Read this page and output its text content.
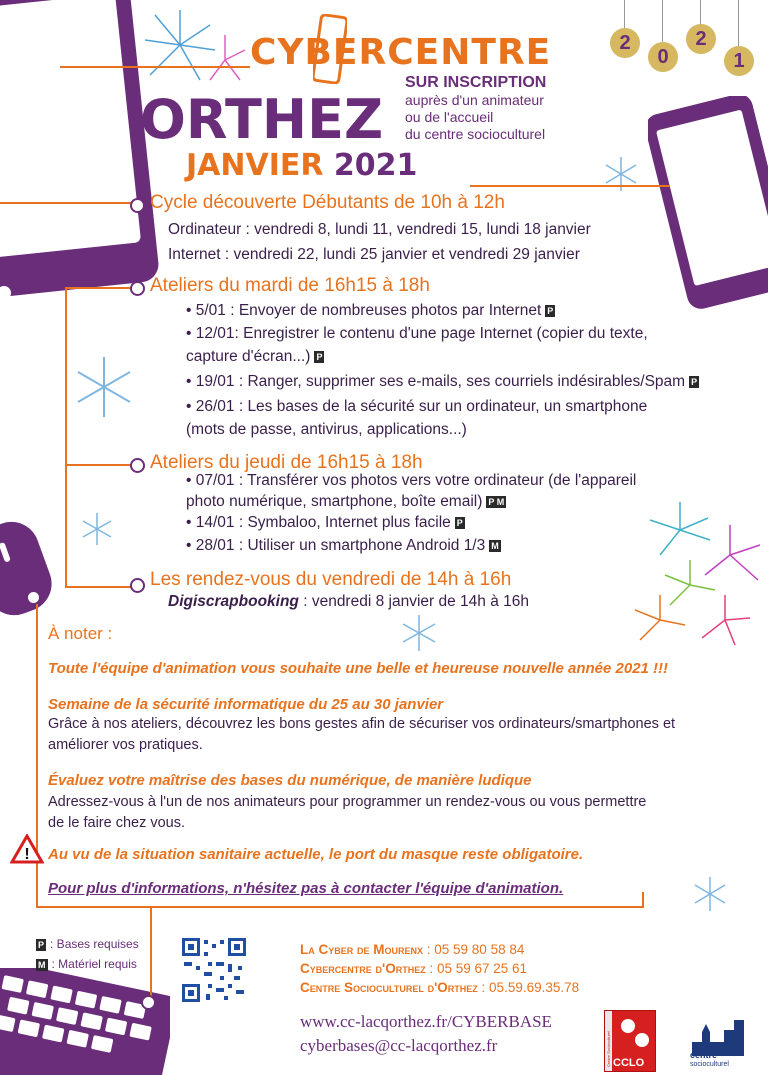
2
0
2
1
CYBERCENTRE
SUR INSCRIPTION
auprès d'un animateur
ou de l'accueil
du centre socioculturel
ORTHEZ
JANVIER 2021
Cycle découverte Débutants de 10h à 12h
Ordinateur : vendredi 8, lundi 11, vendredi 15, lundi 18 janvier
Internet : vendredi 22, lundi 25 janvier et vendredi 29 janvier
Ateliers du mardi de 16h15 à 18h
• 5/01 : Envoyer de nombreuses photos par Internet P
• 12/01: Enregistrer le contenu d'une page Internet (copier du texte,
capture d'écran...) P
• 19/01 : Ranger, supprimer ses e-mails, ses courriels indésirables/Spam P
• 26/01 : Les bases de la sécurité sur un ordinateur, un smartphone
(mots de passe, antivirus, applications...)
Ateliers du jeudi de 16h15 à 18h
• 07/01 : Transférer vos photos vers votre ordinateur (de l'appareil
photo numérique, smartphone, boîte email) P M
• 14/01 : Symbaloo, Internet plus facile P
• 28/01 : Utiliser un smartphone Android 1/3 M
Les rendez-vous du vendredi de 14h à 16h
Digiscrapbooking : vendredi 8 janvier de 14h à 16h
À noter :
Toute l'équipe d'animation vous souhaite une belle et heureuse nouvelle année 2021 !!!
Semaine de la sécurité informatique du 25 au 30 janvier
Grâce à nos ateliers, découvrez les bons gestes afin de sécuriser vos ordinateurs/smartphones et
améliorer vos pratiques.
Évaluez votre maîtrise des bases du numérique, de manière ludique
Adressez-vous à l'un de nos animateurs pour programmer un rendez-vous ou vous permettre
de le faire chez vous.
! Au vu de la situation sanitaire actuelle, le port du masque reste obligatoire.
Pour plus d'informations, n'hésitez pas à contacter l'équipe d'animation.
P : Bases requises
M : Matériel requis
La Cyber de Mourenx : 05 59 80 58 84
Cybercentre d'Orthez : 05 59 67 25 61
Centre Socioculturel d'Orthez : 05.59.69.35.78
www.cc-lacqorthez.fr/CYBERBASE
cyberbases@cc-lacqorthez.fr	Centre Socioculturel CCLO
centre
socioculturel
